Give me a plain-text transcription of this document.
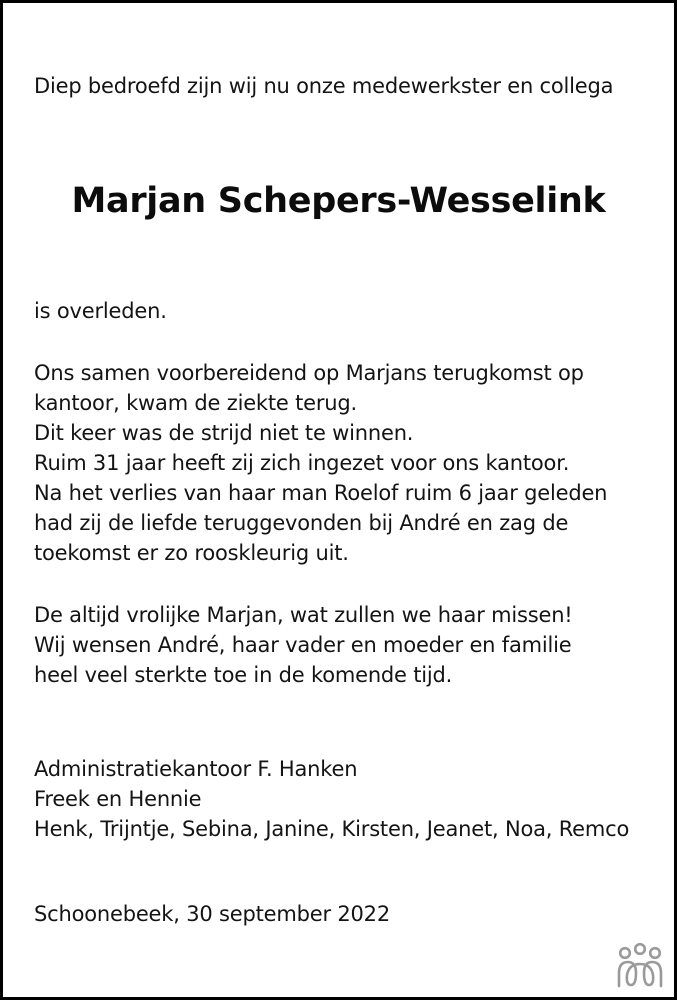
Diep bedroefd zijn wij nu onze medewerkster en collega
Marjan Schepers-Wesselink
is overleden.
Ons samen voorbereidend op Marjans terugkomst op
kantoor, kwam de ziekte terug.
Dit keer was de strijd niet te winnen.
Ruim 31 jaar heeft zij zich ingezet voor ons kantoor.
Na het verlies van haar man Roelof ruim 6 jaar geleden
had zij de liefde teruggevonden bij André en zag de
toekomst er zo rooskleurig uit.
De altijd vrolijke Marjan, wat zullen we haar missen!
Wij wensen André, haar vader en moeder en familie
heel veel sterkte toe in de komende tijd.
Administratiekantoor F. Hanken
Freek en Hennie
Henk, Trijntje, Sebina, Janine, Kirsten, Jeanet, Noa, Remco
Schoonebeek, 30 september 2022
